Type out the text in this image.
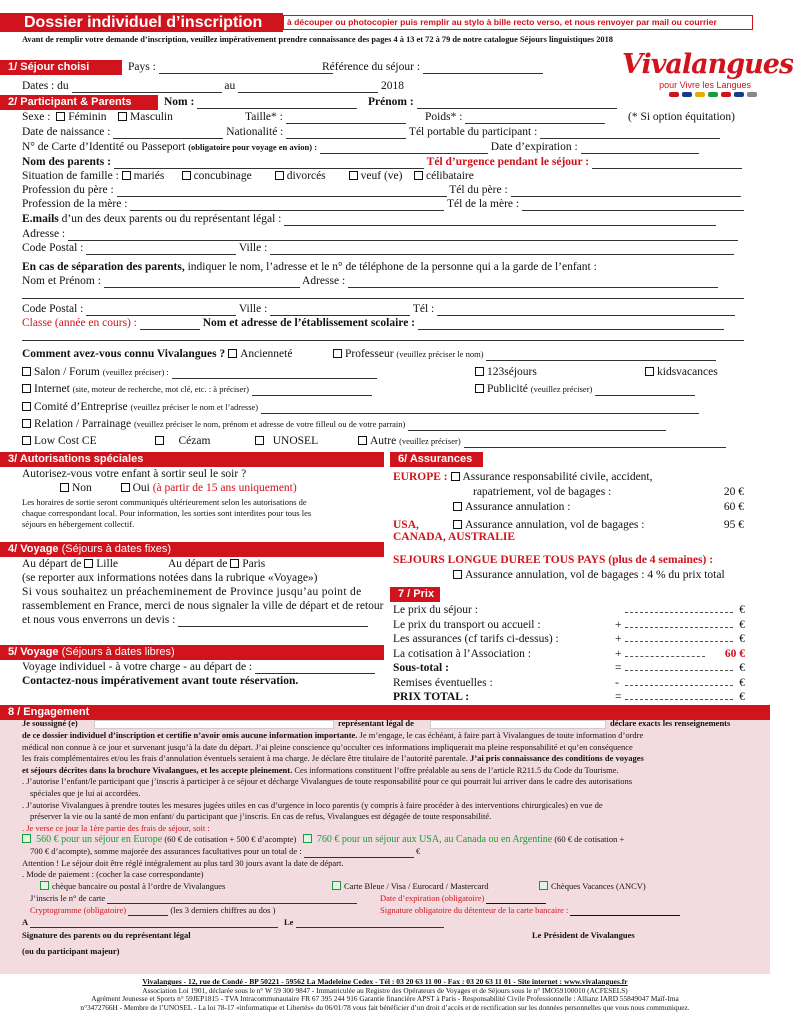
Dossier individuel d’inscription	à découper ou photocopier puis remplir au stylo à bille recto verso, et nous renvoyer par mail ou courrier
Avant de remplir votre demande d’inscription, veuillez impérativement prendre connaissance des pages 4 à 13 et 72 à 79 de notre catalogue Séjours linguistiques 2018
Vivalangues
pour Vivre les Langues
1/ Séjour choisi	Pays :	Référence du séjour :
Dates : du	au	2018
2/ Participant & Parents	Nom :	Prénom :
Sexe : Féminin Masculin	Taille* :	Poids* :	(* Si option équitation)
Date de naissance :	Nationalité :	Tél portable du participant :
N° de Carte d’Identité ou Passeport (obligatoire pour voyage en avion) :	Date d’expiration :
Nom des parents :	Tél d’urgence pendant le séjour :
Situation de famille : mariés	concubinage	divorcés	veuf (ve) célibataire
Profession du père :	Tél du père :
Profession de la mère :	Tél de la mère :
E.mails d’un des deux parents ou du représentant légal :
Adresse :
Code Postal :	Ville :
En cas de séparation des parents, indiquer le nom, l’adresse et le n° de téléphone de la personne qui a la garde de l’enfant :
Nom et Prénom :	Adresse :
Code Postal :	Ville :	Tél :
Classe (année en cours) :	Nom et adresse de l’établissement scolaire :
Comment avez-vous connu Vivalangues ? Ancienneté	Professeur (veuillez préciser le nom)
Salon / Forum (veuillez préciser) :	123séjours	kidsvacances
Internet (site, moteur de recherche, mot clé, etc. : à préciser)	Publicité (veuillez préciser)
Comité d’Entreprise (veuillez préciser le nom et l’adresse)
Relation / Parrainage (veuillez préciser le nom, prénom et adresse de votre filleul ou de votre parrain)
Low Cost CE	Cézam	UNOSEL	Autre (veuillez préciser)
3/ Autorisations spéciales
Autorisez-vous votre enfant à sortir seul le soir ?
Non	Oui (à partir de 15 ans uniquement)
Les horaires de sortie seront communiqués ultérieurement selon les autorisations de
chaque correspondant local. Pour information, les sorties sont interdites pour tous les
séjours en hébergement collectif.
4/ Voyage (Séjours à dates fixes)
Au départ de Lille	Au départ de Paris
(se reporter aux informations notées dans la rubrique «Voyage»)
Si vous souhaitez un préacheminement de Province jusqu’au point de
rassemblement en France, merci de nous signaler la ville de départ et de retour
et nous vous enverrons un devis :
5/ Voyage (Séjours à dates libres)
Voyage individuel - à votre charge - au départ de :
Contactez-nous impérativement avant toute réservation.
6/ Assurances
EUROPE : Assurance responsabilité civile, accident,
rapatriement, vol de bagages :	20 €
Assurance annulation :	60 €
USA,	Assurance annulation, vol de bagages :	95 €
CANADA, AUSTRALIE
SEJOURS LONGUE DUREE TOUS PAYS (plus de 4 semaines) :
Assurance annulation, vol de bagages : 4 % du prix total
7 / Prix
Le prix du séjour :	€
Le prix du transport ou accueil :	+	€
Les assurances (cf tarifs ci-dessus) :	+	€
La cotisation à l’Association :	+	60 €
Sous-total :	=	€
Remises éventuelles :	-	€
PRIX TOTAL :	=	€
8 / Engagement
Je soussigné (e)	représentant légal de	déclare exacts les renseignements
de ce dossier individuel d’inscription et certifie n’avoir omis aucune information importante. Je m’engage, le cas échéant, à faire part à Vivalangues de toute information d’ordre
médical non connue à ce jour et survenant jusqu’à la date du départ. J’ai pleine conscience qu’occulter ces informations impliquerait ma pleine responsabilité et qu’en conséquence
les frais complémentaires et/ou les frais d’annulation éventuels seraient à ma charge. Je déclare être titulaire de l’autorité parentale. J’ai pris connaissance des conditions de voyages
et séjours décrites dans la brochure Vivalangues, et les accepte pleinement. Ces informations constituent l’offre préalable au sens de l’article R211.5 du Code du Tourisme.
. J’autorise l’enfant/le participant que j’inscris à participer à ce séjour et décharge Vivalangues de toute responsabilité pour ce qui pourrait lui arriver dans le cadre des autorisations
spéciales que je lui ai accordées.
. J’autorise Vivalangues à prendre toutes les mesures jugées utiles en cas d’urgence in loco parentis (y compris à faire procéder à des interventions chirurgicales) en vue de
préserver la vie ou la santé de mon enfant/ du participant que j’inscris. En cas de refus, Vivalangues est dégagée de toute responsabilité.
. Je verse ce jour la 1ère partie des frais de séjour, soit :
560 € pour un séjour en Europe (60 € de cotisation + 500 € d’acompte) 760 € pour un séjour aux USA, au Canada ou en Argentine (60 € de cotisation +
700 € d’acompte), somme majorée des assurances facultatives pour un total de :	€
Attention ! Le séjour doit être réglé intégralement au plus tard 30 jours avant la date de départ.
. Mode de paiement : (cocher la case correspondante)
chèque bancaire ou postal à l’ordre de Vivalangues	Carte Bleue / Visa / Eurocard / Mastercard	Chèques Vacances (ANCV)
J’inscris le n° de carte	Date d’expiration (obligatoire)
Cryptogramme (obligatoire)	(les 3 derniers chiffres au dos )	Signature obligatoire du détenteur de la carte bancaire :
A	Le
Signature des parents ou du représentant légal	Le Président de Vivalangues
(ou du participant majeur)
Vivalangues - 12, rue de Condé - BP 50221 - 59562 La Madeleine Cedex - Tél : 03 20 63 11 00 - Fax : 03 20 63 11 01 - Site internet : www.vivalangues.fr
Association Loi 1901, déclarée sous le n° W 59 300 9847 - Immatriculée au Registre des Opérateurs de Voyages et de Séjours sous le n° IMO59100010 (ACFESELS)
Agrément Jeunesse et Sports n° 59JEP1815 - TVA Intracommunautaire FR 67 395 244 916 Garantie financière APST à Paris - Responsabilité Civile Professionnelle : Allianz IARD 55849047 Maïf-Ima
n°3472766H - Membre de l’UNOSEL - La loi 78-17 «informatique et Libertés» du 06/01/78 vous fait bénéficier d’un droit d’accès et de rectification sur les données personnelles que vous nous communiquez.
